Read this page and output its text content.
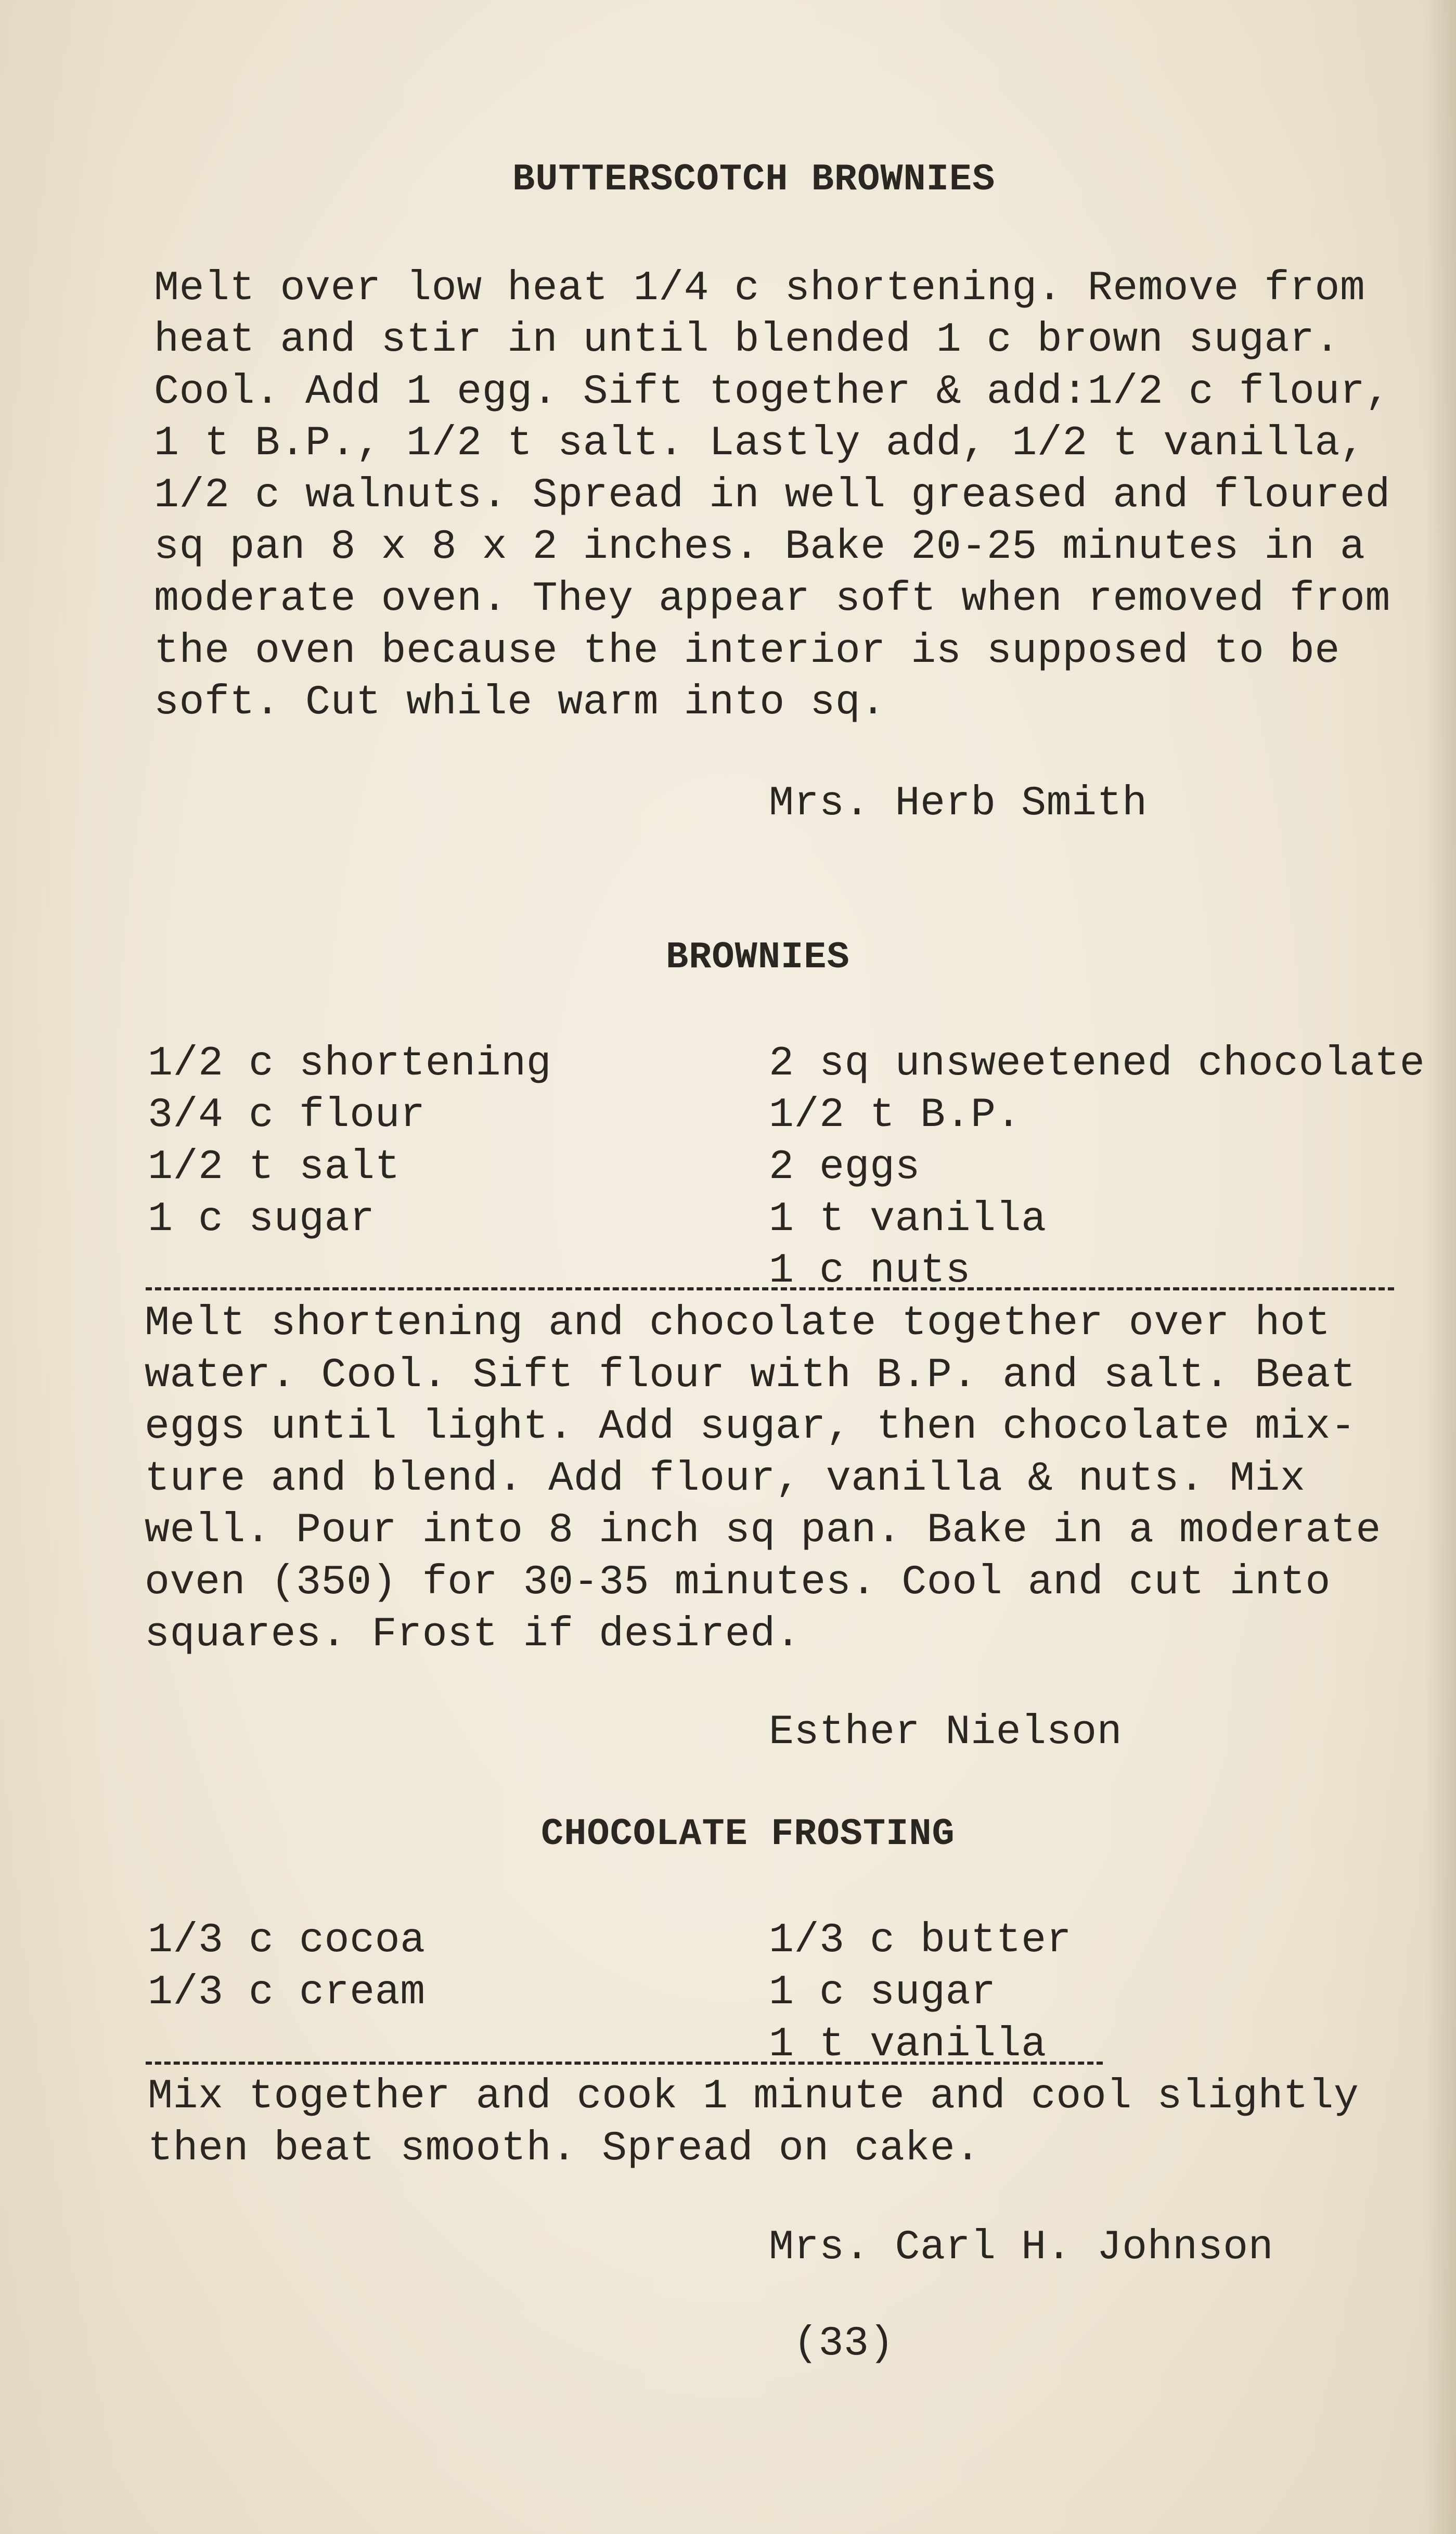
BUTTERSCOTCH BROWNIES

Melt over low heat 1/4 c shortening. Remove from

heat and stir in until blended 1 c brown sugar.

Cool. Add 1 egg. Sift together & add:1/2 c flour,

1 t B.P., 1/2 t salt. Lastly add, 1/2 t vanilla,

1/2 c walnuts. Spread in well greased and floured

sq pan 8 x 8 x 2 inches. Bake 20-25 minutes in a

moderate oven. They appear soft when removed from

the oven because the interior is supposed to be

soft. Cut while warm into sq.

Mrs. Herb Smith

BROWNIES

1/2 c shortening

3/4 c flour

1/2 t salt

1 c sugar

2 sq unsweetened chocolate

1/2 t B.P.

2 eggs

1 t vanilla

1 c nuts

Melt shortening and chocolate together over hot

water. Cool. Sift flour with B.P. and salt. Beat

eggs until light. Add sugar, then chocolate mix-

ture and blend. Add flour, vanilla & nuts. Mix

well. Pour into 8 inch sq pan. Bake in a moderate

oven (350) for 30-35 minutes. Cool and cut into

squares. Frost if desired.

Esther Nielson

CHOCOLATE FROSTING

1/3 c cocoa

1/3 c cream

1/3 c butter

1 c sugar

1 t vanilla

Mix together and cook 1 minute and cool slightly

then beat smooth. Spread on cake.

Mrs. Carl H. Johnson

(33)
